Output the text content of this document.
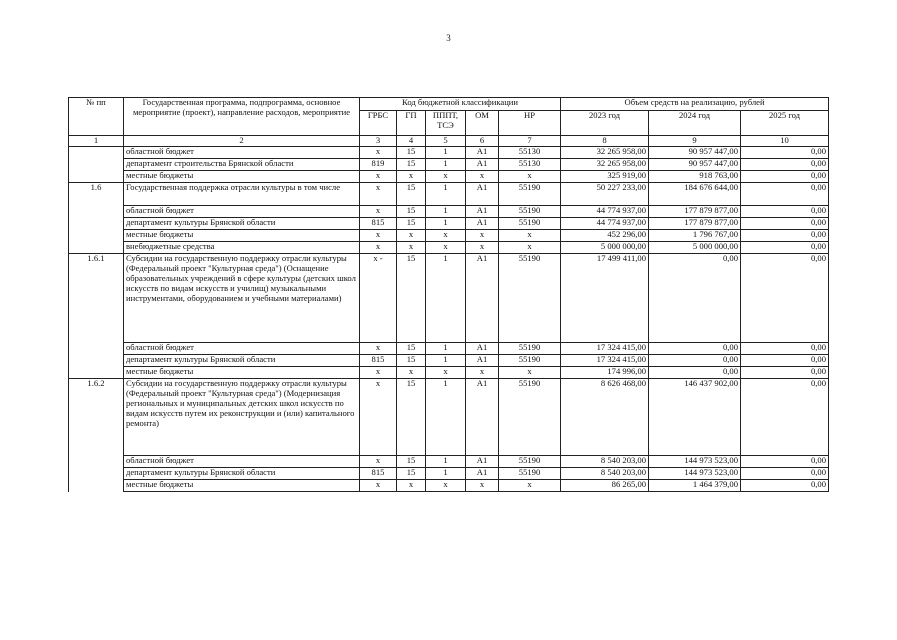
3
№ пп	Государственная программа, подпрограмма, основное мероприятие (проект), направление расходов, мероприятие	Код бюджетной классификации					Объем средств на реализацию, рублей		
		ГРБС	ГП	ПППТ, ТСЭ	ОМ	НР	2023 год	2024 год	2025 год
1	2	3	4	5	6	7	8	9	10
	областной бюджет	x	15	1	A1	55130	32 265 958,00	90 957 447,00	0,00
	департамент строительства Брянской области	819	15	1	A1	55130	32 265 958,00	90 957 447,00	0,00
	местные бюджеты	x	x	x	x	x	325 919,00	918 763,00	0,00
1.6	Государственная поддержка отрасли культуры в том числе	x	15	1	A1	55190	50 227 233,00	184 676 644,00	0,00
	областной бюджет	x	15	1	A1	55190	44 774 937,00	177 879 877,00	0,00
	департамент культуры Брянской области	815	15	1	A1	55190	44 774 937,00	177 879 877,00	0,00
	местные бюджеты	x	x	x	x	x	452 296,00	1 796 767,00	0,00
	внебюджетные средства	x	x	x	x	x	5 000 000,00	5 000 000,00	0,00
1.6.1	Субсидии на государственную поддержку отрасли культуры (Федеральный проект "Культурная среда") (Оснащение образовательных учреждений в сфере культуры (детских школ искусств по видам искусств и училищ) музыкальными инструментами, оборудованием и учебными материалами)	x -	15	1	A1	55190	17 499 411,00	0,00	0,00
	областной бюджет	x	15	1	A1	55190	17 324 415,00	0,00	0,00
	департамент культуры Брянской области	815	15	1	A1	55190	17 324 415,00	0,00	0,00
	местные бюджеты	x	x	x	x	x	174 996,00	0,00	0,00
1.6.2	Субсидии на государственную поддержку отрасли культуры (Федеральный проект "Культурная среда") (Модернизация региональных и муниципальных детских школ искусств по видам искусств путем их реконструкции и (или) капитального ремонта)	x	15	1	A1	55190	8 626 468,00	146 437 902,00	0,00
	областной бюджет	x	15	1	A1	55190	8 540 203,00	144 973 523,00	0,00
	департамент культуры Брянской области	815	15	1	A1	55190	8 540 203,00	144 973 523,00	0,00
	местные бюджеты	x	x	x	x	x	86 265,00	1 464 379,00	0,00
